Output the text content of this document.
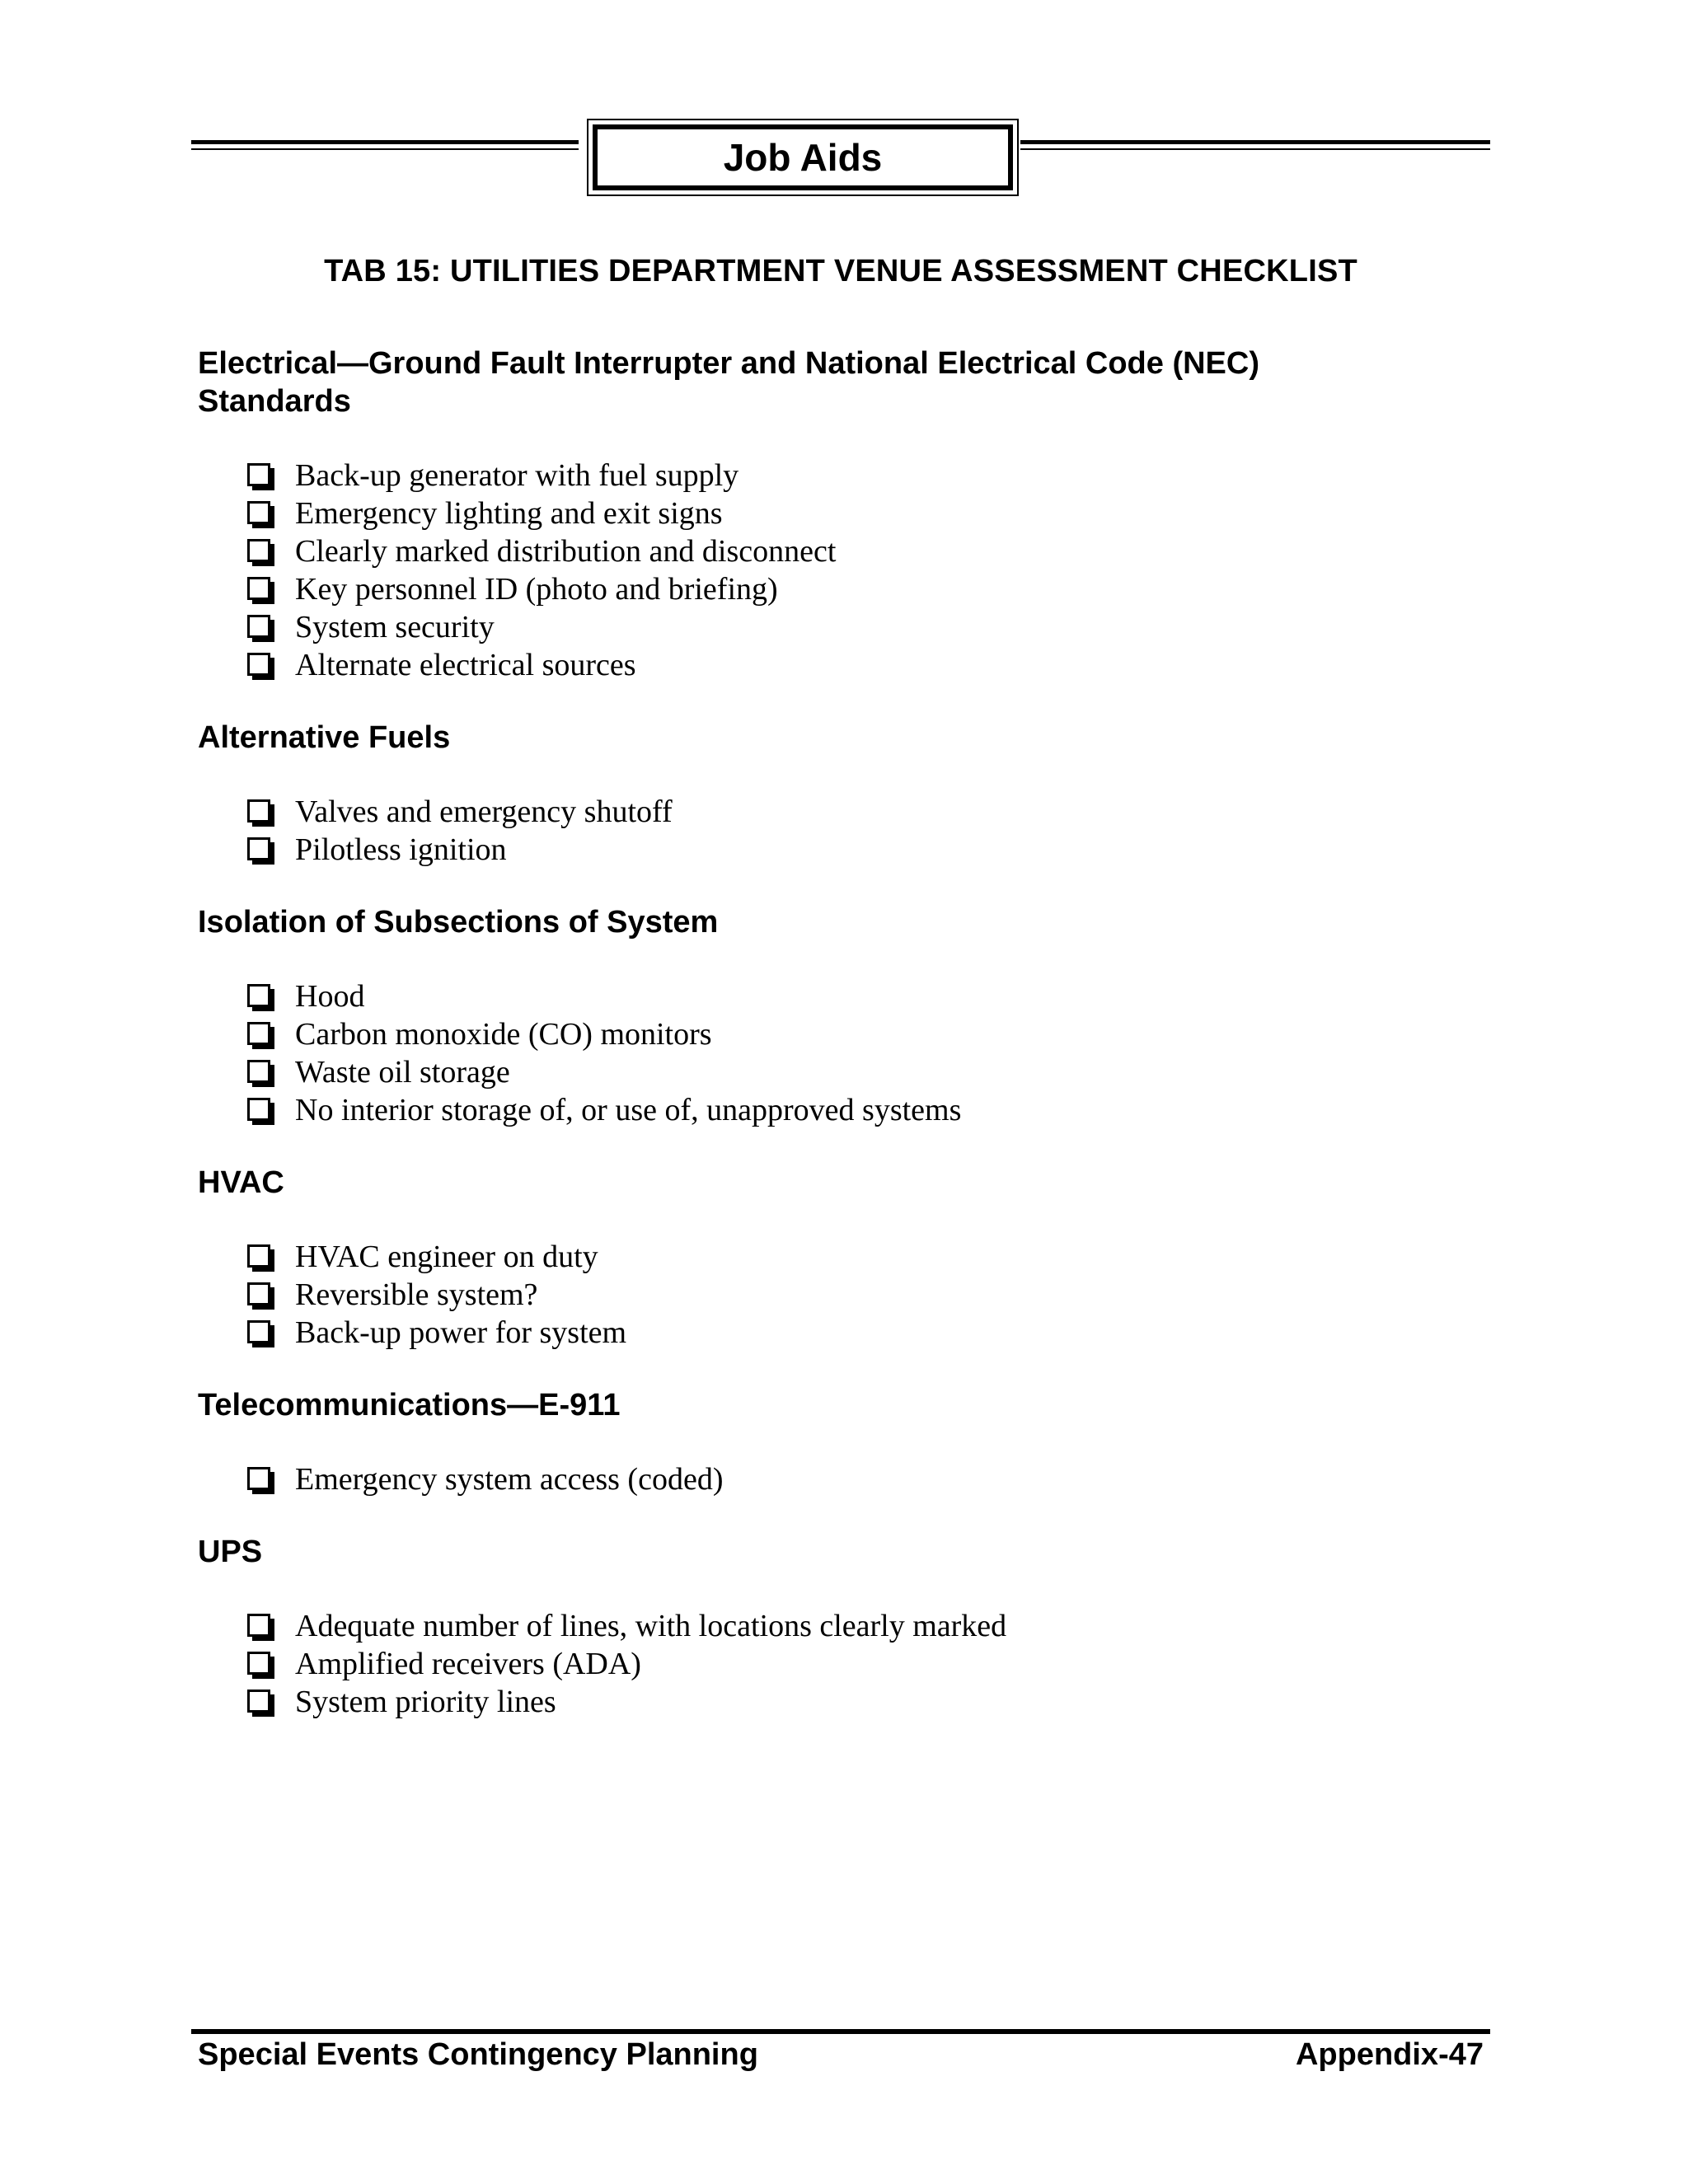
Job Aids
TAB 15: UTILITIES DEPARTMENT VENUE ASSESSMENT CHECKLIST
Electrical—Ground Fault Interrupter and National Electrical Code (NEC)
Standards
Back-up generator with fuel supply
Emergency lighting and exit signs
Clearly marked distribution and disconnect
Key personnel ID (photo and briefing)
System security
Alternate electrical sources
Alternative Fuels
Valves and emergency shutoff
Pilotless ignition
Isolation of Subsections of System
Hood
Carbon monoxide (CO) monitors
Waste oil storage
No interior storage of, or use of, unapproved systems
HVAC
HVAC engineer on duty
Reversible system?
Back-up power for system
Telecommunications—E-911
Emergency system access (coded)
UPS
Adequate number of lines, with locations clearly marked
Amplified receivers (ADA)
System priority lines
Special Events Contingency Planning	Appendix-47
